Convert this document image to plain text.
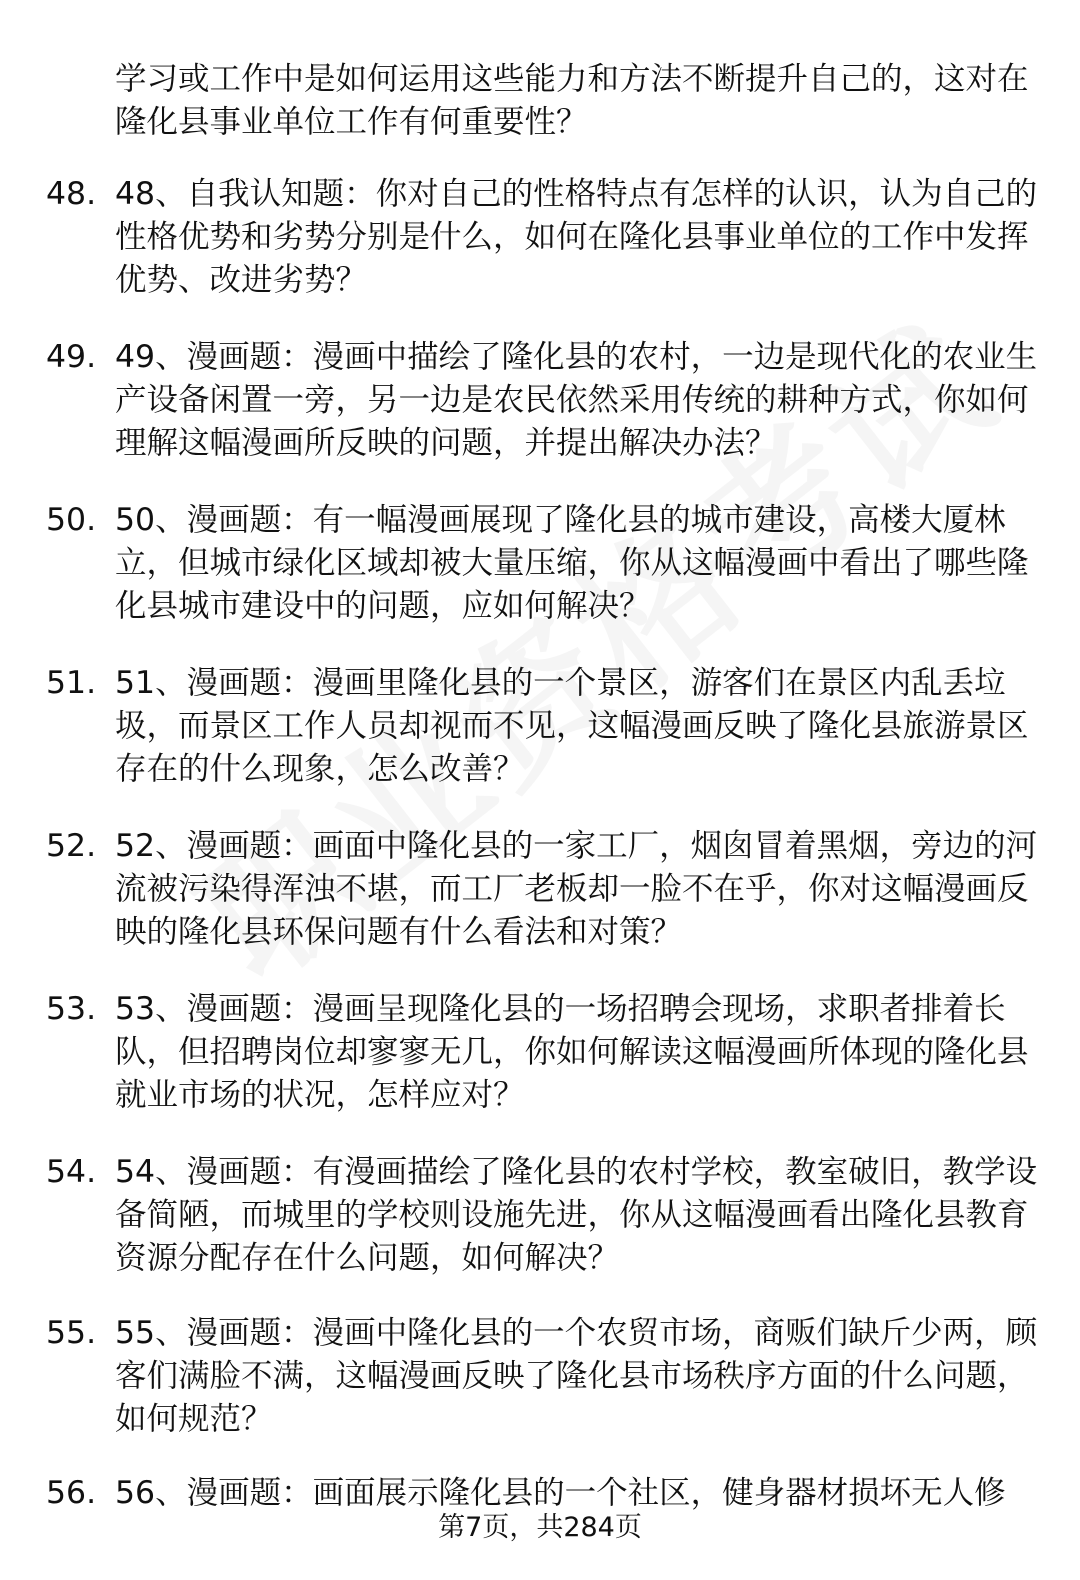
学习或工作中是如何运用这些能力和方法不断提升自己的，这对在隆化县事业单位工作有何重要性？
48. 48、自我认知题：你对自己的性格特点有怎样的认识，认为自己的性格优势和劣势分别是什么，如何在隆化县事业单位的工作中发挥优势、改进劣势？
49. 49、漫画题：漫画中描绘了隆化县的农村，一边是现代化的农业生产设备闲置一旁，另一边是农民依然采用传统的耕种方式，你如何理解这幅漫画所反映的问题，并提出解决办法？
50. 50、漫画题：有一幅漫画展现了隆化县的城市建设，高楼大厦林立，但城市绿化区域却被大量压缩，你从这幅漫画中看出了哪些隆化县城市建设中的问题，应如何解决？
51. 51、漫画题：漫画里隆化县的一个景区，游客们在景区内乱丢垃圾，而景区工作人员却视而不见，这幅漫画反映了隆化县旅游景区存在的什么现象，怎么改善？
52. 52、漫画题：画面中隆化县的一家工厂，烟囱冒着黑烟，旁边的河流被污染得浑浊不堪，而工厂老板却一脸不在乎，你对这幅漫画反映的隆化县环保问题有什么看法和对策？
53. 53、漫画题：漫画呈现隆化县的一场招聘会现场，求职者排着长队，但招聘岗位却寥寥无几，你如何解读这幅漫画所体现的隆化县就业市场的状况，怎样应对？
54. 54、漫画题：有漫画描绘了隆化县的农村学校，教室破旧，教学设备简陋，而城里的学校则设施先进，你从这幅漫画看出隆化县教育资源分配存在什么问题，如何解决？
55. 55、漫画题：漫画中隆化县的一个农贸市场，商贩们缺斤少两，顾客们满脸不满，这幅漫画反映了隆化县市场秩序方面的什么问题，如何规范？
56. 56、漫画题：画面展示隆化县的一个社区，健身器材损坏无人修
第7页，共284页
